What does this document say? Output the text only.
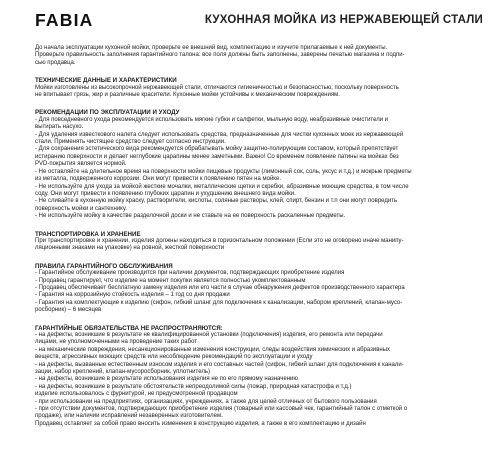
FABIA	КУХОННАЯ МОЙКА ИЗ НЕРЖАВЕЮЩЕЙ СТАЛИ
До начала эксплуатации кухонной мойки, проверьте ее внешний вид, комплектацию и изучите прилагаемые к ней документы.
Проверьте правильность заполнения гарантийного талона: все поля должны быть заполнены, заверены печатью магазина и подпи-
сью продавца.
ТЕХНИЧЕСКИЕ ДАННЫЕ И ХАРАКТЕРИСТИКИ
Мойки изготовлены из высокопрочной нержавеющей стали, отличаются гигиеничностью и безопасностью, поскольку поверхность
не впитывает грязь, жир и различные красители. Кухонные мойки устойчивы к механическим повреждениям.
РЕКОМЕНДАЦИИ ПО ЭКСПЛУАТАЦИИ И УХОДУ
- Для повседневного ухода рекомендуется использовать мягкие губки и салфетки, мыльную воду, неабразивные очистители и
вытирать насухо.
- Для удаления известкового налета следует использовать средства, предназначенные для чистки кухонных моек из нержавеющей
стали. Применять чистящее средство следует согласно инструкции.
- Для сохранения эстетического вида рекомендуется обрабатывать мойку защитно-полирующим составом, который препятствует
истиранию поверхности и делает неглубокие царапины менее заметными. Важно! Со временем появление патины на мойках без
PVD-покрытия является нормой.
- Не оставляйте на длительное время на поверхности мойки пищевые продукты (лимонный сок, соль, уксус и т.д.) и мокрые предметы
из металла, подверженного коррозии. Они могут привести к появлению пятен на мойке.
- Не используйте для ухода за мойкой жесткие мочалки, металлические щетки и скребки, абразивные моющие средства, в том числе
соду. Они могут привести к появлению глубоких царапин и ухудшению внешнего вида мойки.
- Не сливайте в кухонную мойку краску, растворители, кислоты, соляные растворы, клей, спирт, бензин и т.п они могут повредить
поверхность мойки и сантехнику.
- Не используйте мойку в качестве разделочной доски и не ставьте на ее поверхность раскаленные предметы.
ТРАНСПОРТИРОВКА И ХРАНЕНИЕ
При транспортировке и хранении, изделия должны находиться в горизонтальном положении (Если это не оговорено иначе манипу-
ляционными знаками на упаковке) на ровной, жесткой поверхности
ПРАВИЛА ГАРАНТИЙНОГО ОБСЛУЖИВАНИЯ
- Гарантийное обслуживание производится при наличии документов, подтверждающих приобретение изделия
- Продавец гарантирует, что изделие на момент покупки является полностью укомплектованным
- Продавец обеспечивает бесплатную замену изделия или его части в случае обнаружения дефектов производственного характера
- Гарантия на коррозийную стойкость изделия – 1 год со дня продажи
- Гарантия на комплектующие к изделию (сифон, гибкий шланг для подключения к канализации, набором креплений, клапан-мусо-
росборник) – 6 месяцев
ГАРАНТИЙНЫЕ ОБЯЗАТЕЛЬСТВА НЕ РАСПРОСТРАНЯЮТСЯ:
- на дефекты, возникшие в результате не квалифицированной установки (подключения) изделия, его ремонта или передачи
лицами, не уполномоченными на проведение таких работ
- на механические повреждения, несанкционированные изменения конструкции, следы воздействия химических и абразивных
веществ, агрессивных моющих средств или несоблюдение рекомендаций по эксплуатации и уходу
- на дефекты, вызванные естественным износом изделия и его составных частей (сифон, гибкий шланг для подключения к канали-
зации, набор креплений, клапан-мусоросборник, уплотнитель)
- на дефекты, возникшие в результате использования изделия не по его прямому назначению
- на дефекты, возникшие в результате обстоятельств непреодолимой силы (пожар, природная катастрофа и т.д.)
изделие использовалось с фурнитурой, не предусмотренной продавцом
- при использовании на предприятиях, организациях, учреждениях, а также для целей отличных от бытового пользования
- при отсутствии документов, подтверждающих приобретение изделия (товарный или кассовый чек, гарантийный талон с отметкой о
продаже), или наличии исправлений незаверенных изготовителем.
Продавец оставляет за собой право вносить изменения в конструкцию изделия, а также в его комплектацию и дизайн
